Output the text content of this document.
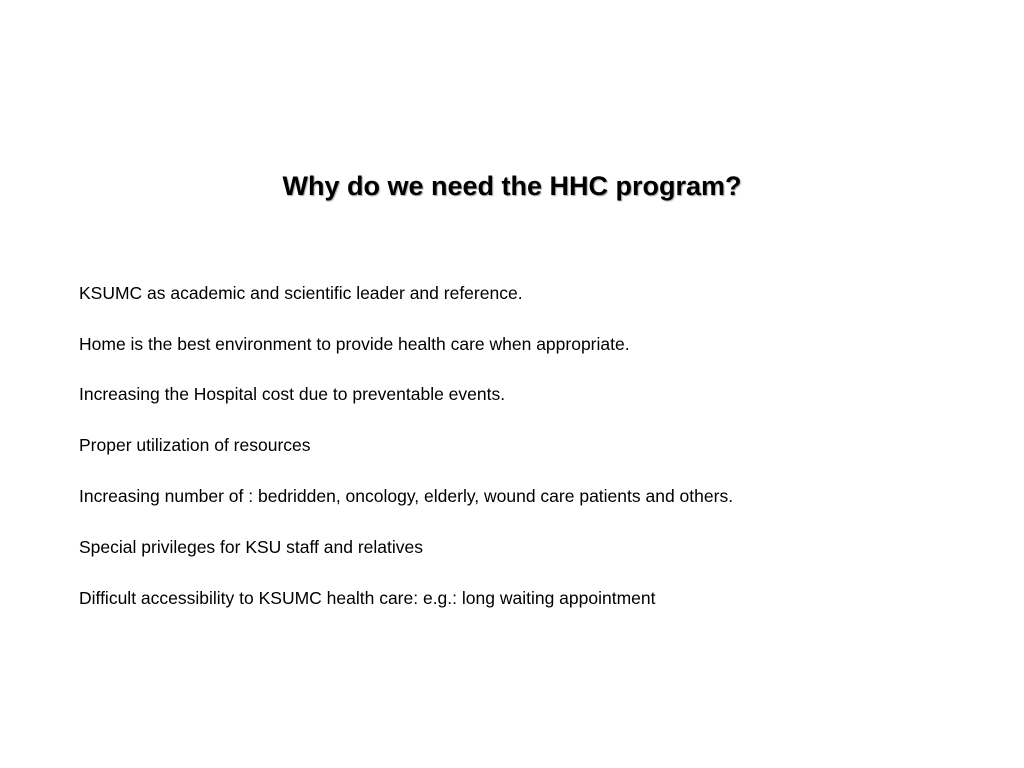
Why do we need the HHC program?
KSUMC as academic and scientific leader and reference.
Home is the best environment to provide health care when appropriate.
Increasing the Hospital cost due to preventable events.
Proper utilization of resources
Increasing number of : bedridden, oncology, elderly, wound care patients and others.
Special privileges for KSU staff and relatives
Difficult accessibility to KSUMC health care: e.g.: long waiting appointment
